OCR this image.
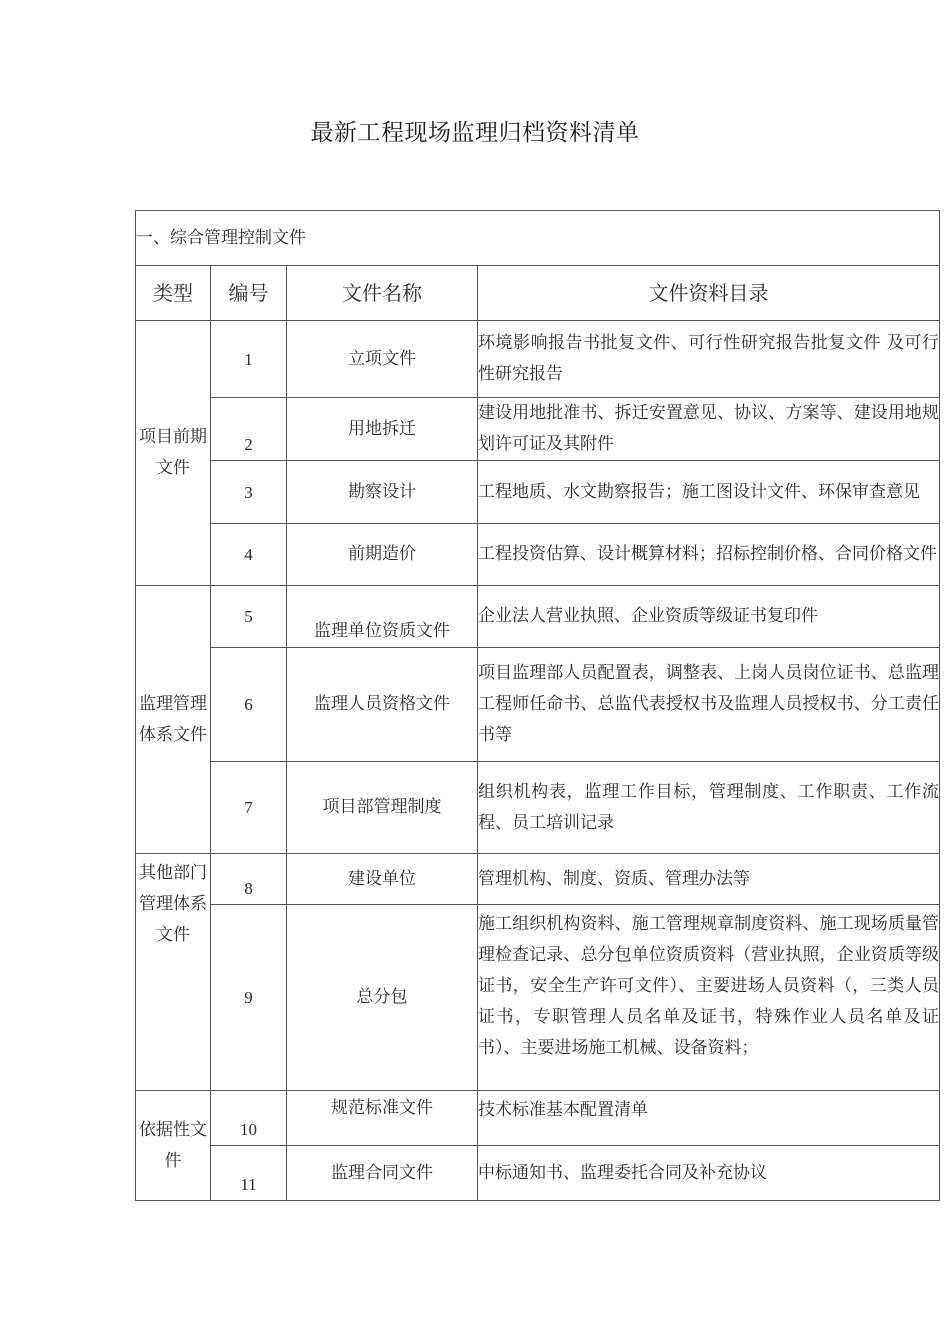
最新工程现场监理归档资料清单
一、综合管理控制文件			
类型	编号	文件名称	文件资料目录
项目前期文件	1	立项文件	环境影响报告书批复文件、可行性研究报告批复文件 及可行性研究报告
	2	用地拆迁	建设用地批准书、拆迁安置意见、协议、方案等、建设用地规划许可证及其附件
	3	勘察设计	工程地质、水文勘察报告；施工图设计文件、环保审查意见
	4	前期造价	工程投资估算、设计概算材料；招标控制价格、合同价格文件
监理管理体系文件	5	监理单位资质文件	企业法人营业执照、企业资质等级证书复印件
	6	监理人员资格文件	项目监理部人员配置表，调整表、上岗人员岗位证书、总监理工程师任命书、总监代表授权书及监理人员授权书、分工责任书等
	7	项目部管理制度	组织机构表，监理工作目标，管理制度、工作职责、工作流程、员工培训记录
其他部门管理体系文件	8	建设单位	管理机构、制度、资质、管理办法等
	9	总分包	施工组织机构资料、施工管理规章制度资料、施工现场质量管理检查记录、总分包单位资质资料（营业执照，企业资质等级证书，安全生产许可文件）、主要进场人员资料（，三类人员证书，专职管理人员名单及证书，特殊作业人员名单及证书）、主要进场施工机械、设备资料；
依据性文件	10	规范标准文件	技术标准基本配置清单
	11	监理合同文件	中标通知书、监理委托合同及补充协议
